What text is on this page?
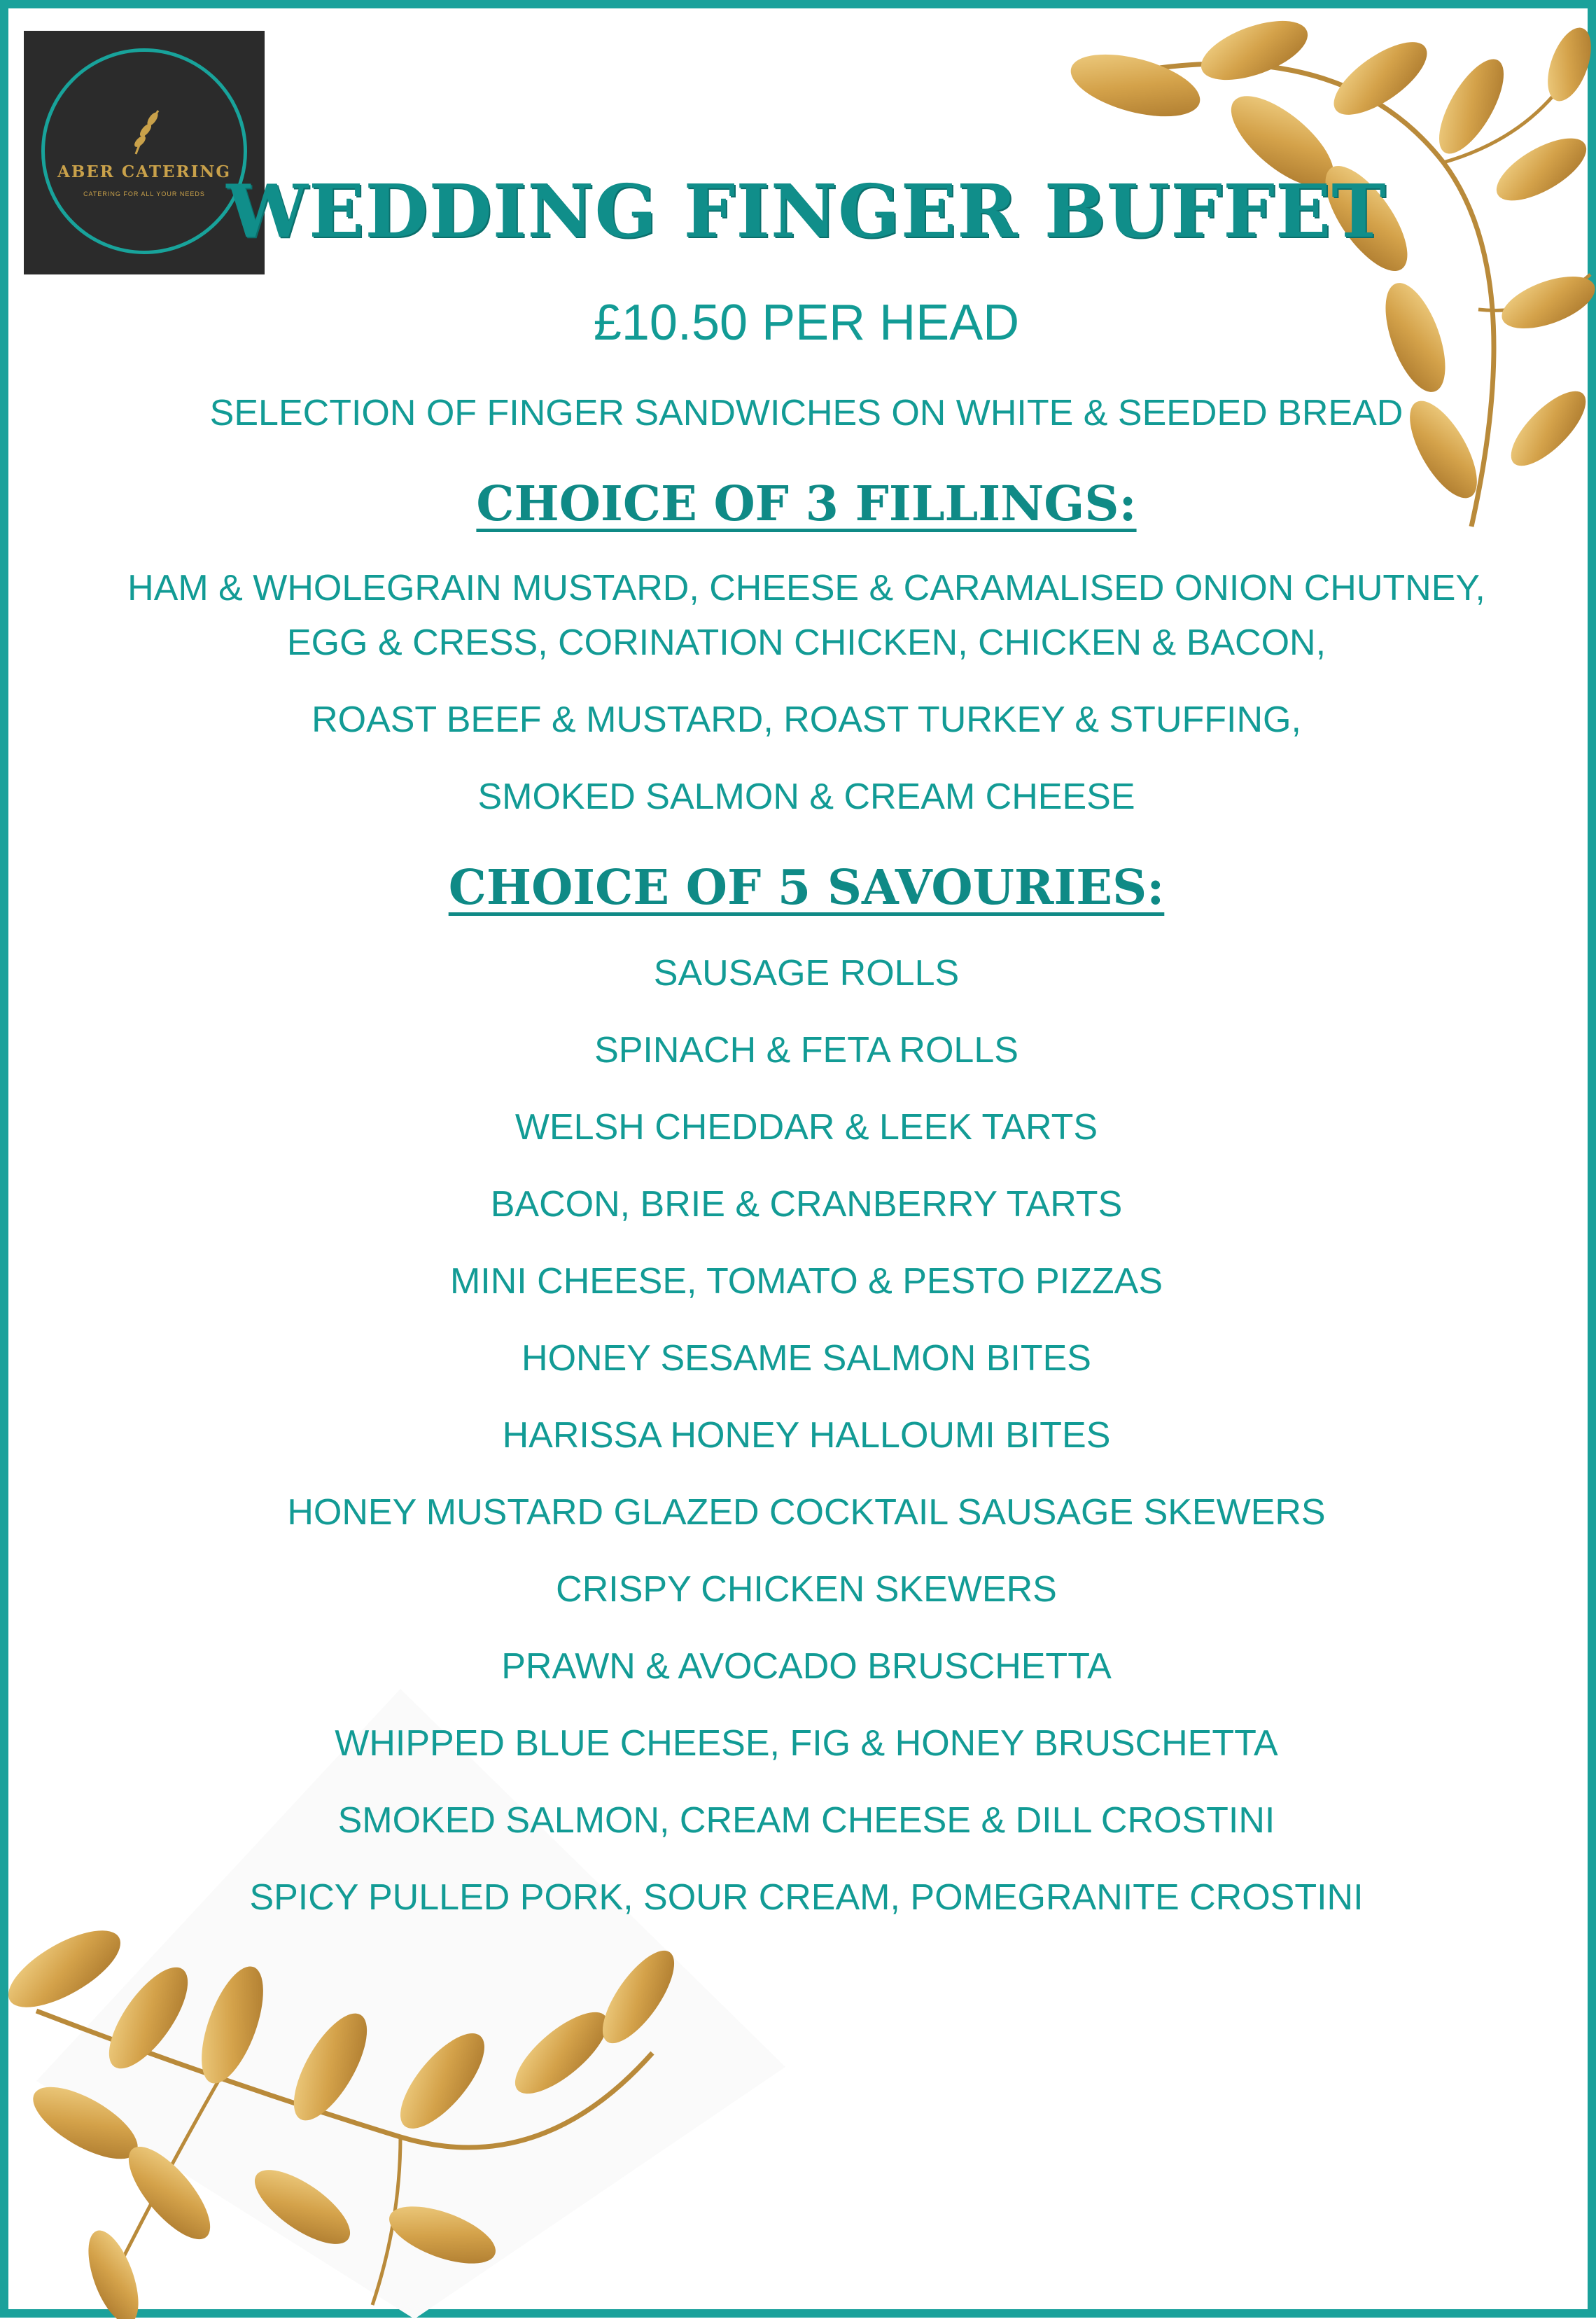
ABER CATERING
CATERING FOR ALL YOUR NEEDS WEDDING FINGER BUFFET
£10.50 PER HEAD
SELECTION OF FINGER SANDWICHES ON WHITE & SEEDED BREAD
CHOICE OF 3 FILLINGS:
HAM & WHOLEGRAIN MUSTARD, CHEESE & CARAMALISED ONION CHUTNEY,
EGG & CRESS, CORINATION CHICKEN, CHICKEN & BACON,
ROAST BEEF & MUSTARD, ROAST TURKEY & STUFFING,
SMOKED SALMON & CREAM CHEESE
CHOICE OF 5 SAVOURIES:
SAUSAGE ROLLS
SPINACH & FETA ROLLS
WELSH CHEDDAR & LEEK TARTS
BACON, BRIE & CRANBERRY TARTS
MINI CHEESE, TOMATO & PESTO PIZZAS
HONEY SESAME SALMON BITES
HARISSA HONEY HALLOUMI BITES
HONEY MUSTARD GLAZED COCKTAIL SAUSAGE SKEWERS
CRISPY CHICKEN SKEWERS
PRAWN & AVOCADO BRUSCHETTA
WHIPPED BLUE CHEESE, FIG & HONEY BRUSCHETTA
SMOKED SALMON, CREAM CHEESE & DILL CROSTINI
SPICY PULLED PORK, SOUR CREAM, POMEGRANITE CROSTINI
